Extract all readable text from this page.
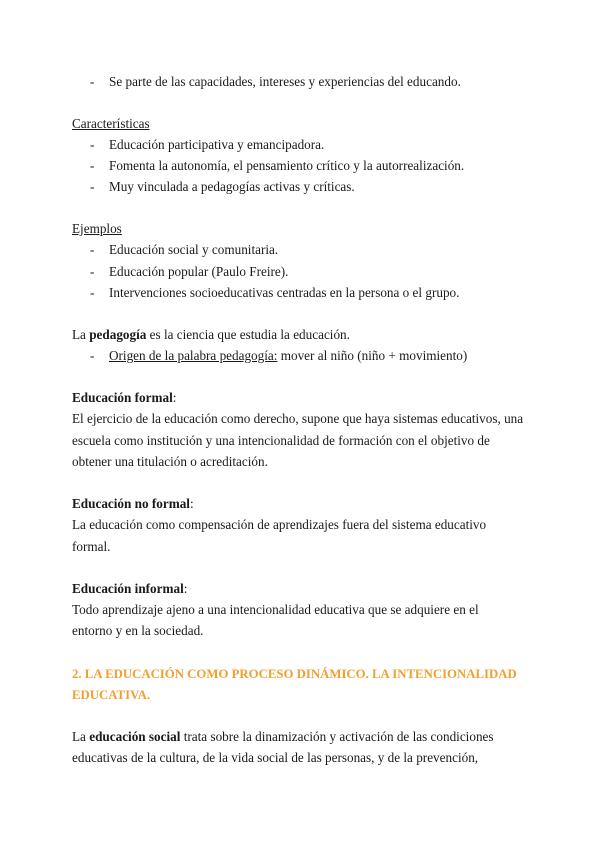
- Se parte de las capacidades, intereses y experiencias del educando.
Características
- Educación participativa y emancipadora.
- Fomenta la autonomía, el pensamiento crítico y la autorrealización.
- Muy vinculada a pedagogías activas y críticas.
Ejemplos
- Educación social y comunitaria.
- Educación popular (Paulo Freire).
- Intervenciones socioeducativas centradas en la persona o el grupo.
La pedagogía es la ciencia que estudia la educación.
- Origen de la palabra pedagogía: mover al niño (niño + movimiento)
Educación formal:
El ejercicio de la educación como derecho, supone que haya sistemas educativos, una
escuela como institución y una intencionalidad de formación con el objetivo de
obtener una titulación o acreditación.
Educación no formal:
La educación como compensación de aprendizajes fuera del sistema educativo
formal.
Educación informal:
Todo aprendizaje ajeno a una intencionalidad educativa que se adquiere en el
entorno y en la sociedad.
2. LA EDUCACIÓN COMO PROCESO DINÁMICO. LA INTENCIONALIDAD
EDUCATIVA.
La educación social trata sobre la dinamización y activación de las condiciones
educativas de la cultura, de la vida social de las personas, y de la prevención,
